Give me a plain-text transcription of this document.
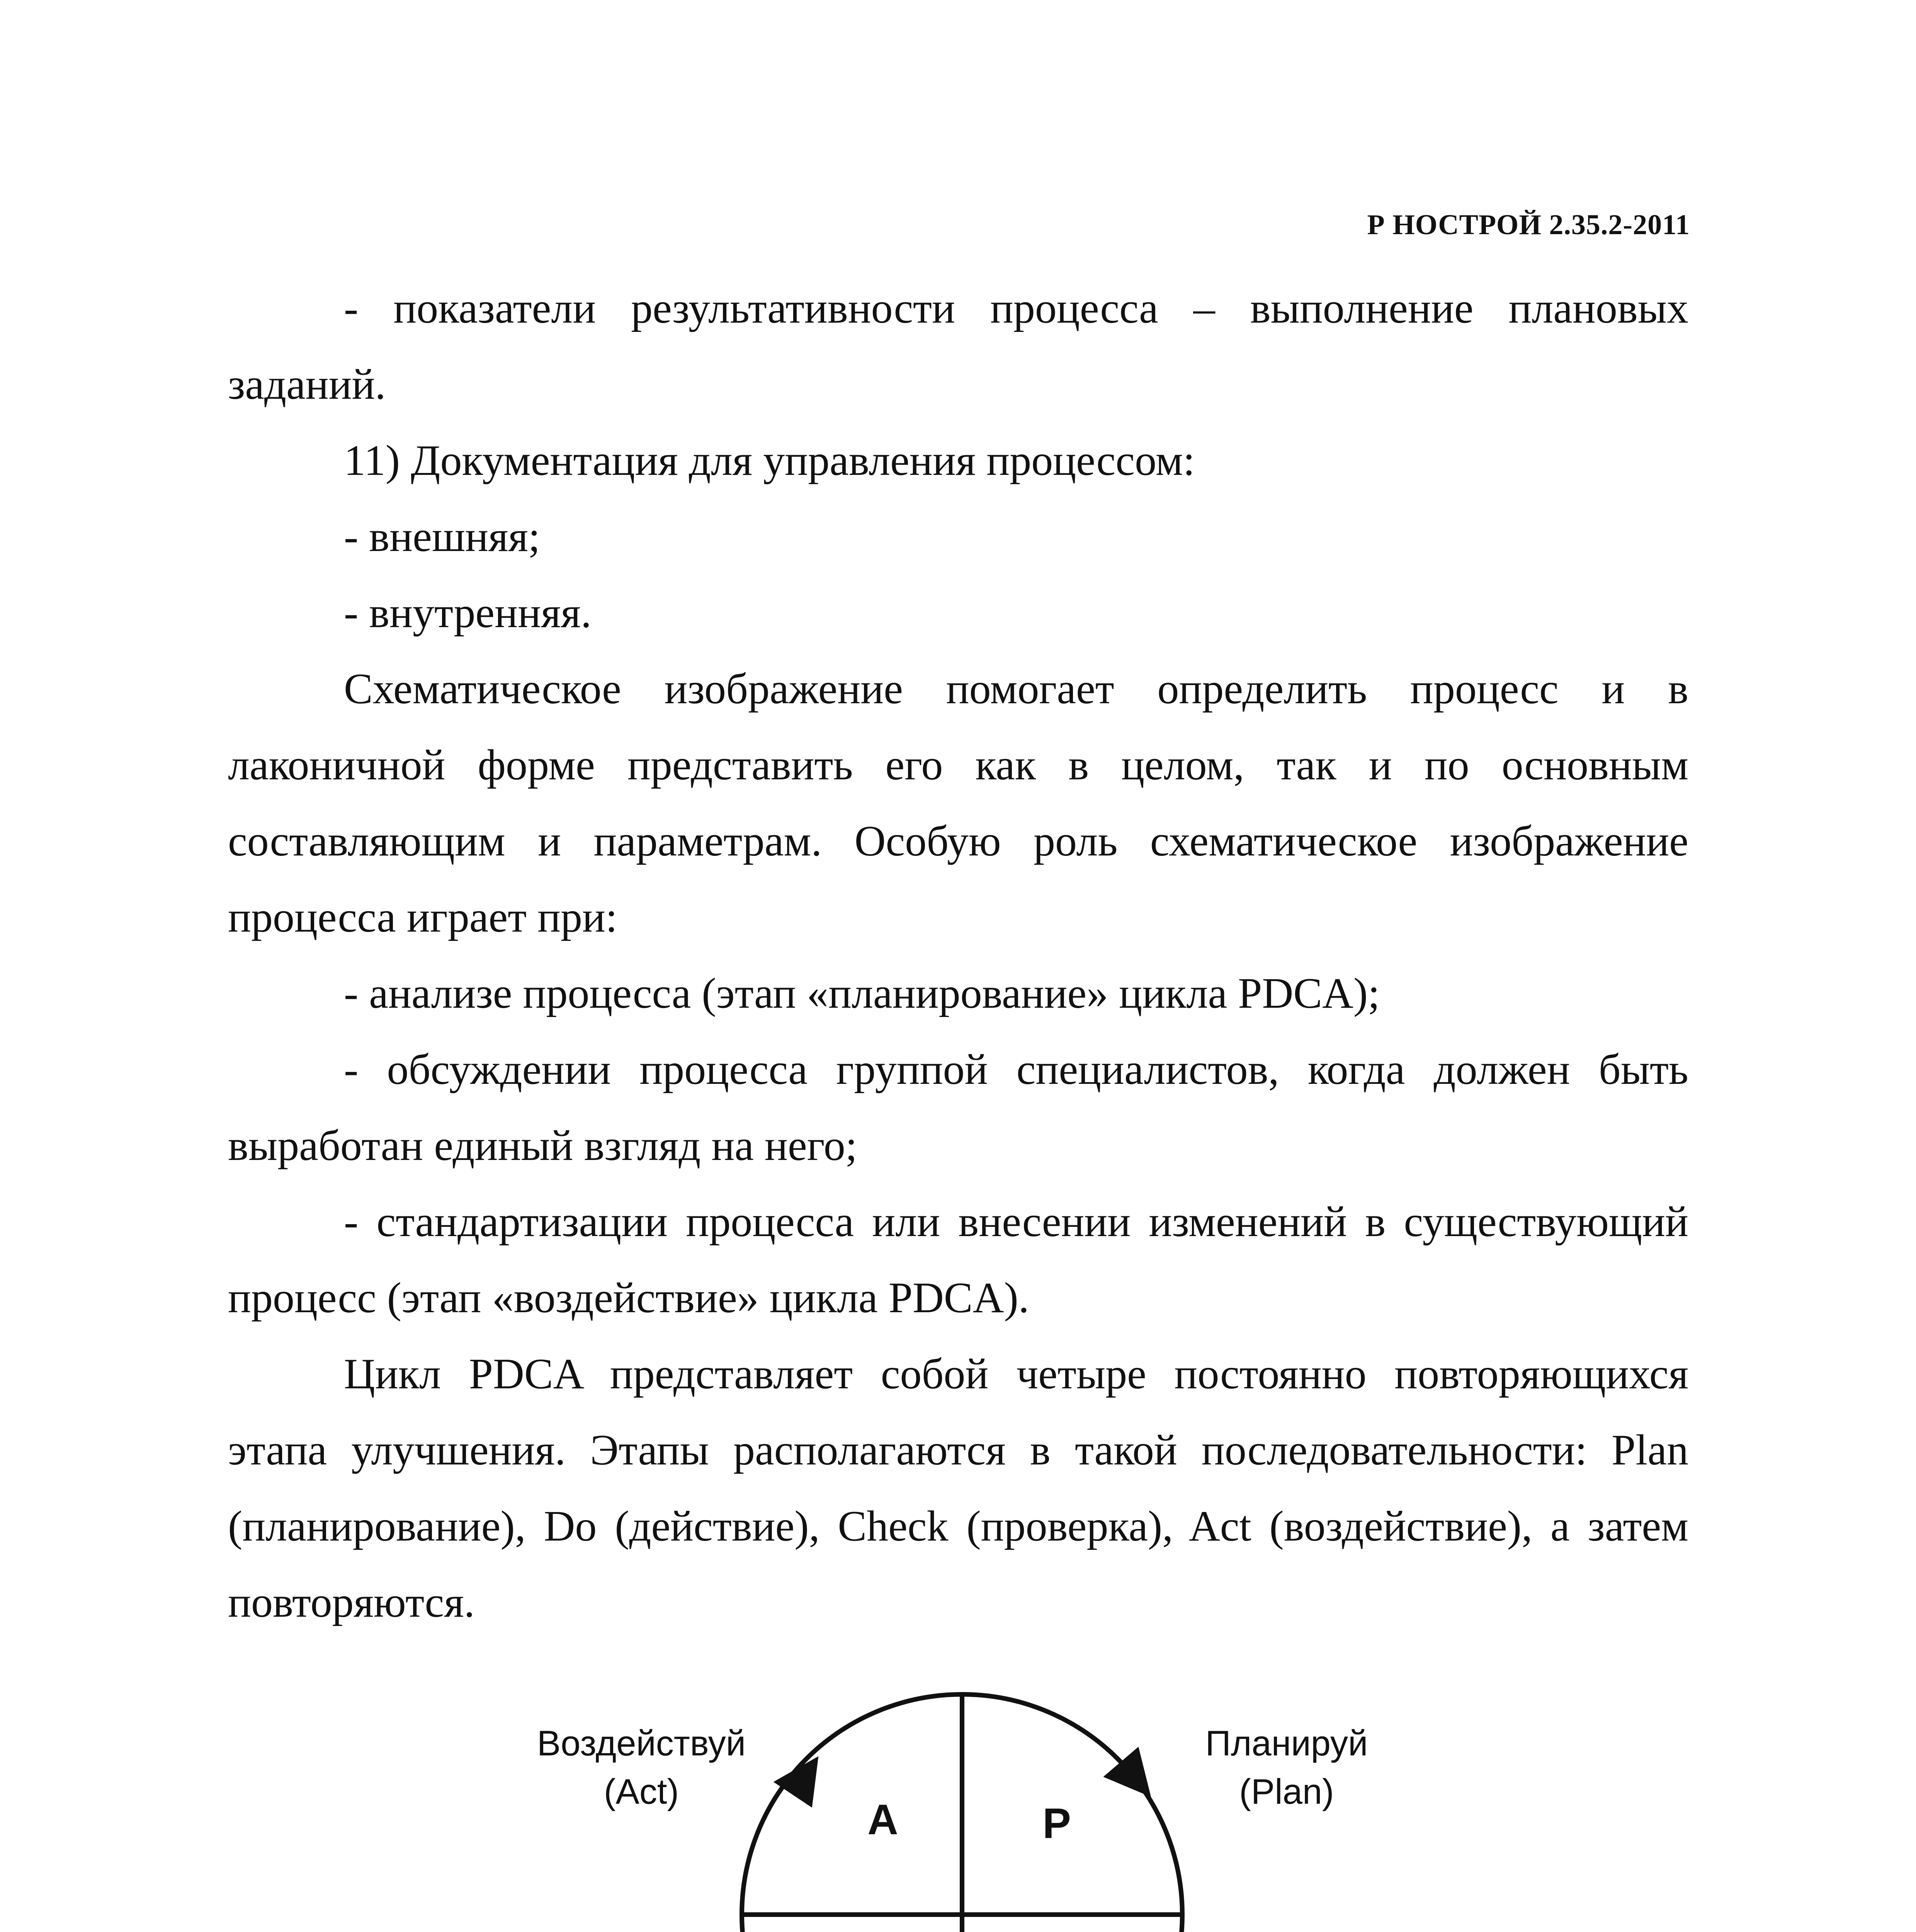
Р НОСТРОЙ 2.35.2-2011

- показатели результативности процесса – выполнение плановых заданий.

11) Документация для управления процессом:

- внешняя;

- внутренняя.

Схематическое изображение помогает определить процесс и в лаконичной форме представить его как в целом, так и по основным составляющим и параметрам. Особую роль схематическое изображение процесса играет при:

- анализе процесса (этап «планирование» цикла PDCA);

- обсуждении процесса группой специалистов, когда должен быть выработан единый взгляд на него;

- стандартизации процесса или внесении изменений в существующий процесс (этап «воздействие» цикла PDCA).

Цикл PDCA представляет собой четыре постоянно повторяющихся этапа улучшения. Этапы располагаются в такой последовательности: Plan (планирование), Do (действие), Check (проверка), Act (воздействие), а затем повторяются.

A	P
Воздействуй
(Act)
Планируй
(Plan)
